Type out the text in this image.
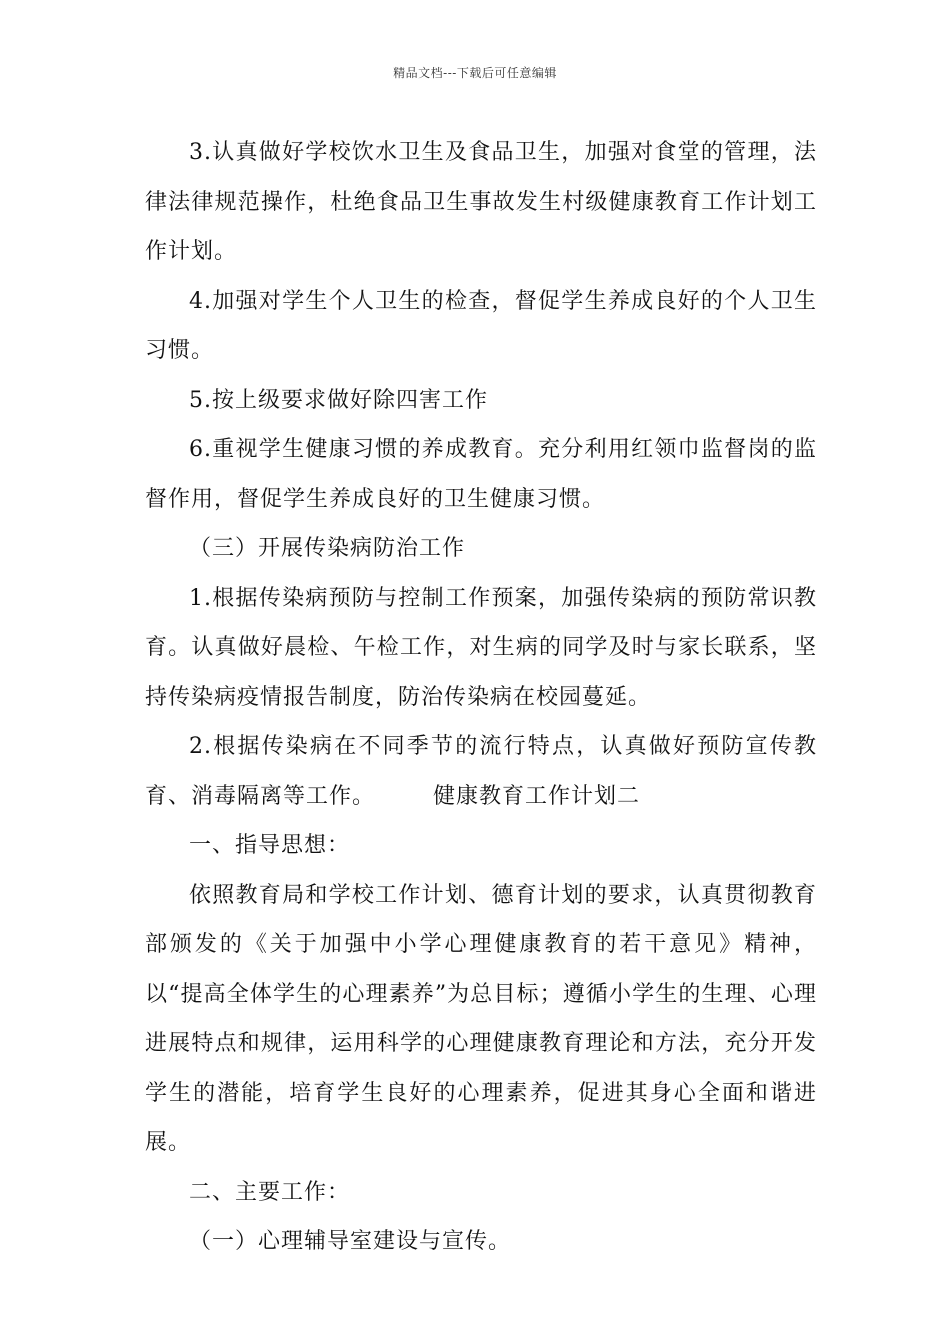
精品文档---下载后可任意编辑

3.认真做好学校饮水卫生及食品卫生，加强对食堂的管理，法律法律规范操作，杜绝食品卫生事故发生村级健康教育工作计划工作计划。

4.加强对学生个人卫生的检查，督促学生养成良好的个人卫生习惯。

5.按上级要求做好除四害工作

6.重视学生健康习惯的养成教育。充分利用红领巾监督岗的监督作用，督促学生养成良好的卫生健康习惯。

（三）开展传染病防治工作

1.根据传染病预防与控制工作预案，加强传染病的预防常识教育。认真做好晨检、午检工作，对生病的同学及时与家长联系，坚持传染病疫情报告制度，防治传染病在校园蔓延。

2.根据传染病在不同季节的流行特点，认真做好预防宣传教育、消毒隔离等工作。	健康教育工作计划二

一、指导思想：

依照教育局和学校工作计划、德育计划的要求，认真贯彻教育部颁发的《关于加强中小学心理健康教育的若干意见》精神，以“提高全体学生的心理素养”为总目标；遵循小学生的生理、心理进展特点和规律，运用科学的心理健康教育理论和方法，充分开发学生的潜能，培育学生良好的心理素养，促进其身心全面和谐进展。

二、主要工作：

（一）心理辅导室建设与宣传。
